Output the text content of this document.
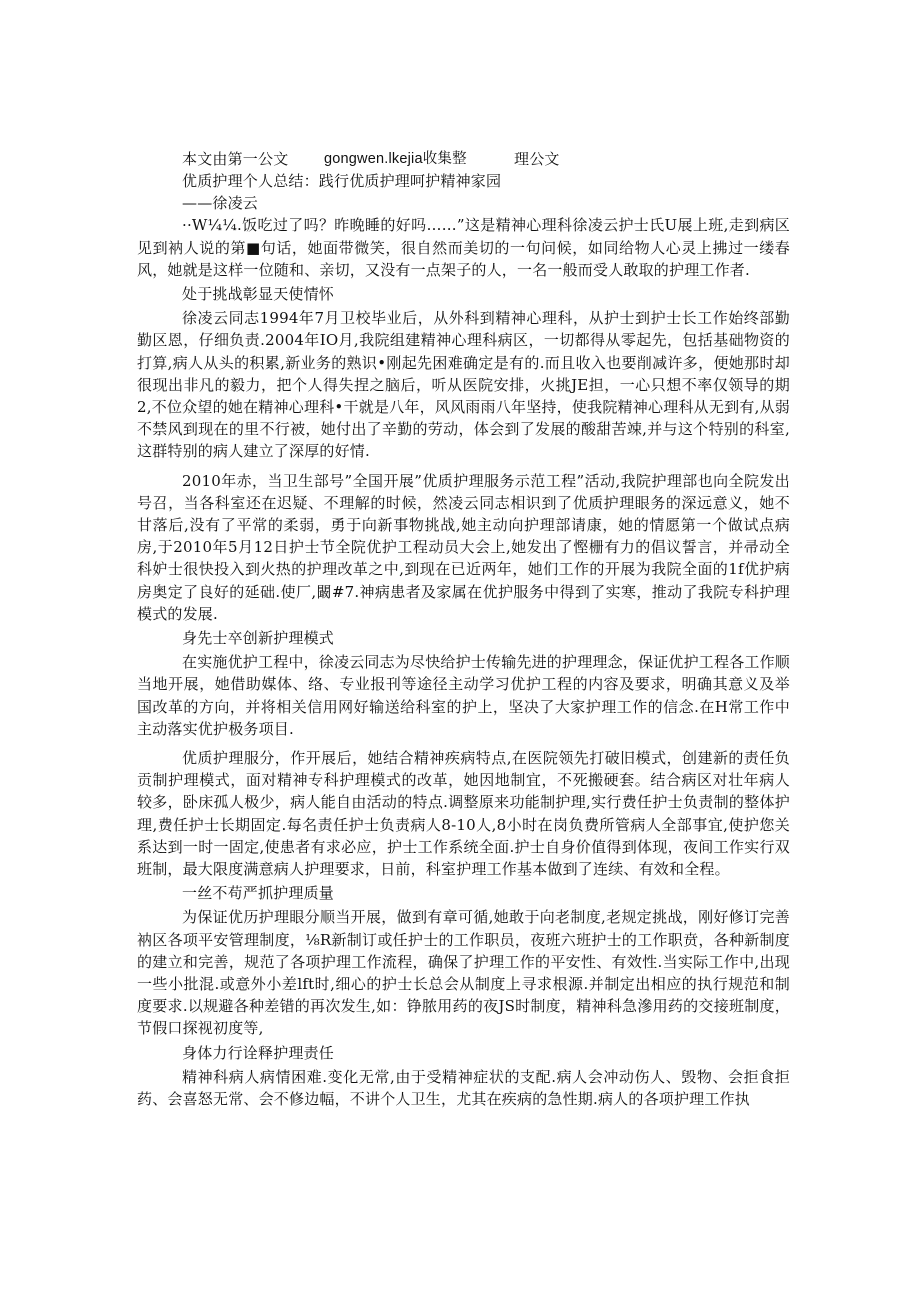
本文由第一公文	gongwen.lkejia收集整	理公文
优质护理个人总结：践行优质护理呵护精神家园
——徐凌云

··W¼¼.饭吃过了吗？昨晚睡的好吗……”这是精神心理科徐凌云护士氏U展上班,走到病区见到衲人说的第■句话，她面带微笑，很自然而美切的一句问候，如同给物人心灵上拂过一缕春风，她就是这样一位随和、亲切，又没有一点架子的人，一名一般而受人敢取的护理工作者.

处于挑战彰显天使情怀

徐凌云同志1994年7月卫校毕业后，从外科到精神心理科，从护士到护士长工作始终部勤勤区恩，仔细负责.2004年IO月,我院组建精神心理科病区，一切都得从零起先，包括基础物资的打算,病人从头的积累,新业务的熟识•刚起先困难确定是有的.而且收入也要削减许多，便她那时却很现出非凡的毅力，把个人得失捏之脑后，听从医院安排，火挑JE担，一心只想不率仅领导的期2,不位众望的她在精神心理科•干就是八年，风风雨雨八年坚持，使我院精神心理科从无到有,从弱不禁风到现在的里不行被，她付出了辛勤的劳动，体会到了发展的酸甜苦竦,并与这个特别的科室,这群特别的病人建立了深厚的好情.

2010年赤，当卫生部号”全国开展”优质护理服务示范工程”活动,我院护理部也向全院发出号召，当各科室还在迟疑、不理解的时候，然凌云同志相识到了优质护理眼务的深远意义，她不甘落后,没有了平常的柔弱，勇于向新事物挑战,她主动向护理部请康，她的情愿第一个做试点病房,于2010年5月12日护士节全院优护工程动员大会上,她发出了慳栅有力的倡议誓言，并帚动全科妒士很快投入到火热的护理改革之中,到现在已近两年，她们工作的开展为我院全面的1f优护病房奥定了良好的延础.使厂,闞#7.神病患者及家属在优护服务中得到了实寒，推动了我院专科护理模式的发展.

身先士卒创新护理模式

在实施优护工程中，徐凌云同志为尽快给护士传输先进的护理理念，保证优护工程各工作顺当地开展，她借助媒体、络、专业报刊等途径主动学习优护工程的内容及要求，明确其意义及举国改革的方向，并将相关信用网好输送给科室的护上，坚决了大家护理工作的信念.在H常工作中主动落实优护极务项目.

优质护理服分，作开展后，她结合精神疾病特点,在医院领先打破旧模式，创建新的责任负贡制护理模式，面对精神专科护理模式的改革，她因地制宜，不死搬硬套。结合病区对壮年病人较多，卧床孤人极少，病人能自由活动的特点.调整原来功能制护理,实行费任护士负责制的整体护理,费任护士长期固定.每名责任护士负责病人8-10人,8小时在岗负费所管病人全部事宜,使护您关系达到一时一固定,使患者有求必应，护士工作系统全面.护士自身价值得到体现，夜间工作实行双班制，最大限度满意病人护理要求，日前，科室护理工作基本做到了连续、有效和全程。

一丝不苟严抓护理质量

为保证优历护理眼分顺当开展，做到有章可循,她敢于向老制度,老规定挑战，刚好修订完善衲区各项平安管理制度，⅛R新制订或任护士的工作职员，夜班六班护士的工作职贲，各种新制度的建立和完善，规范了各项护理工作流程，确保了护理工作的平安性、有效性.当实际工作中,出现一些小批混.或意外小差lft时,细心的护士长总会从制度上寻求根源.并制定出相应的执行规范和制度要求.以规避各种差错的再次发生,如：铮脓用药的夜JS时制度，精神科急滲用药的交接班制度，节假口探视初度等,

身体力行诠释护理责任

精神科病人病情困难.变化无常,由于受精神症状的支配.病人会冲动伤人、毁物、会拒食拒药、会喜怒无常、会不修边幅，不讲个人卫生，尤其在疾病的急性期.病人的各项护理工作执
